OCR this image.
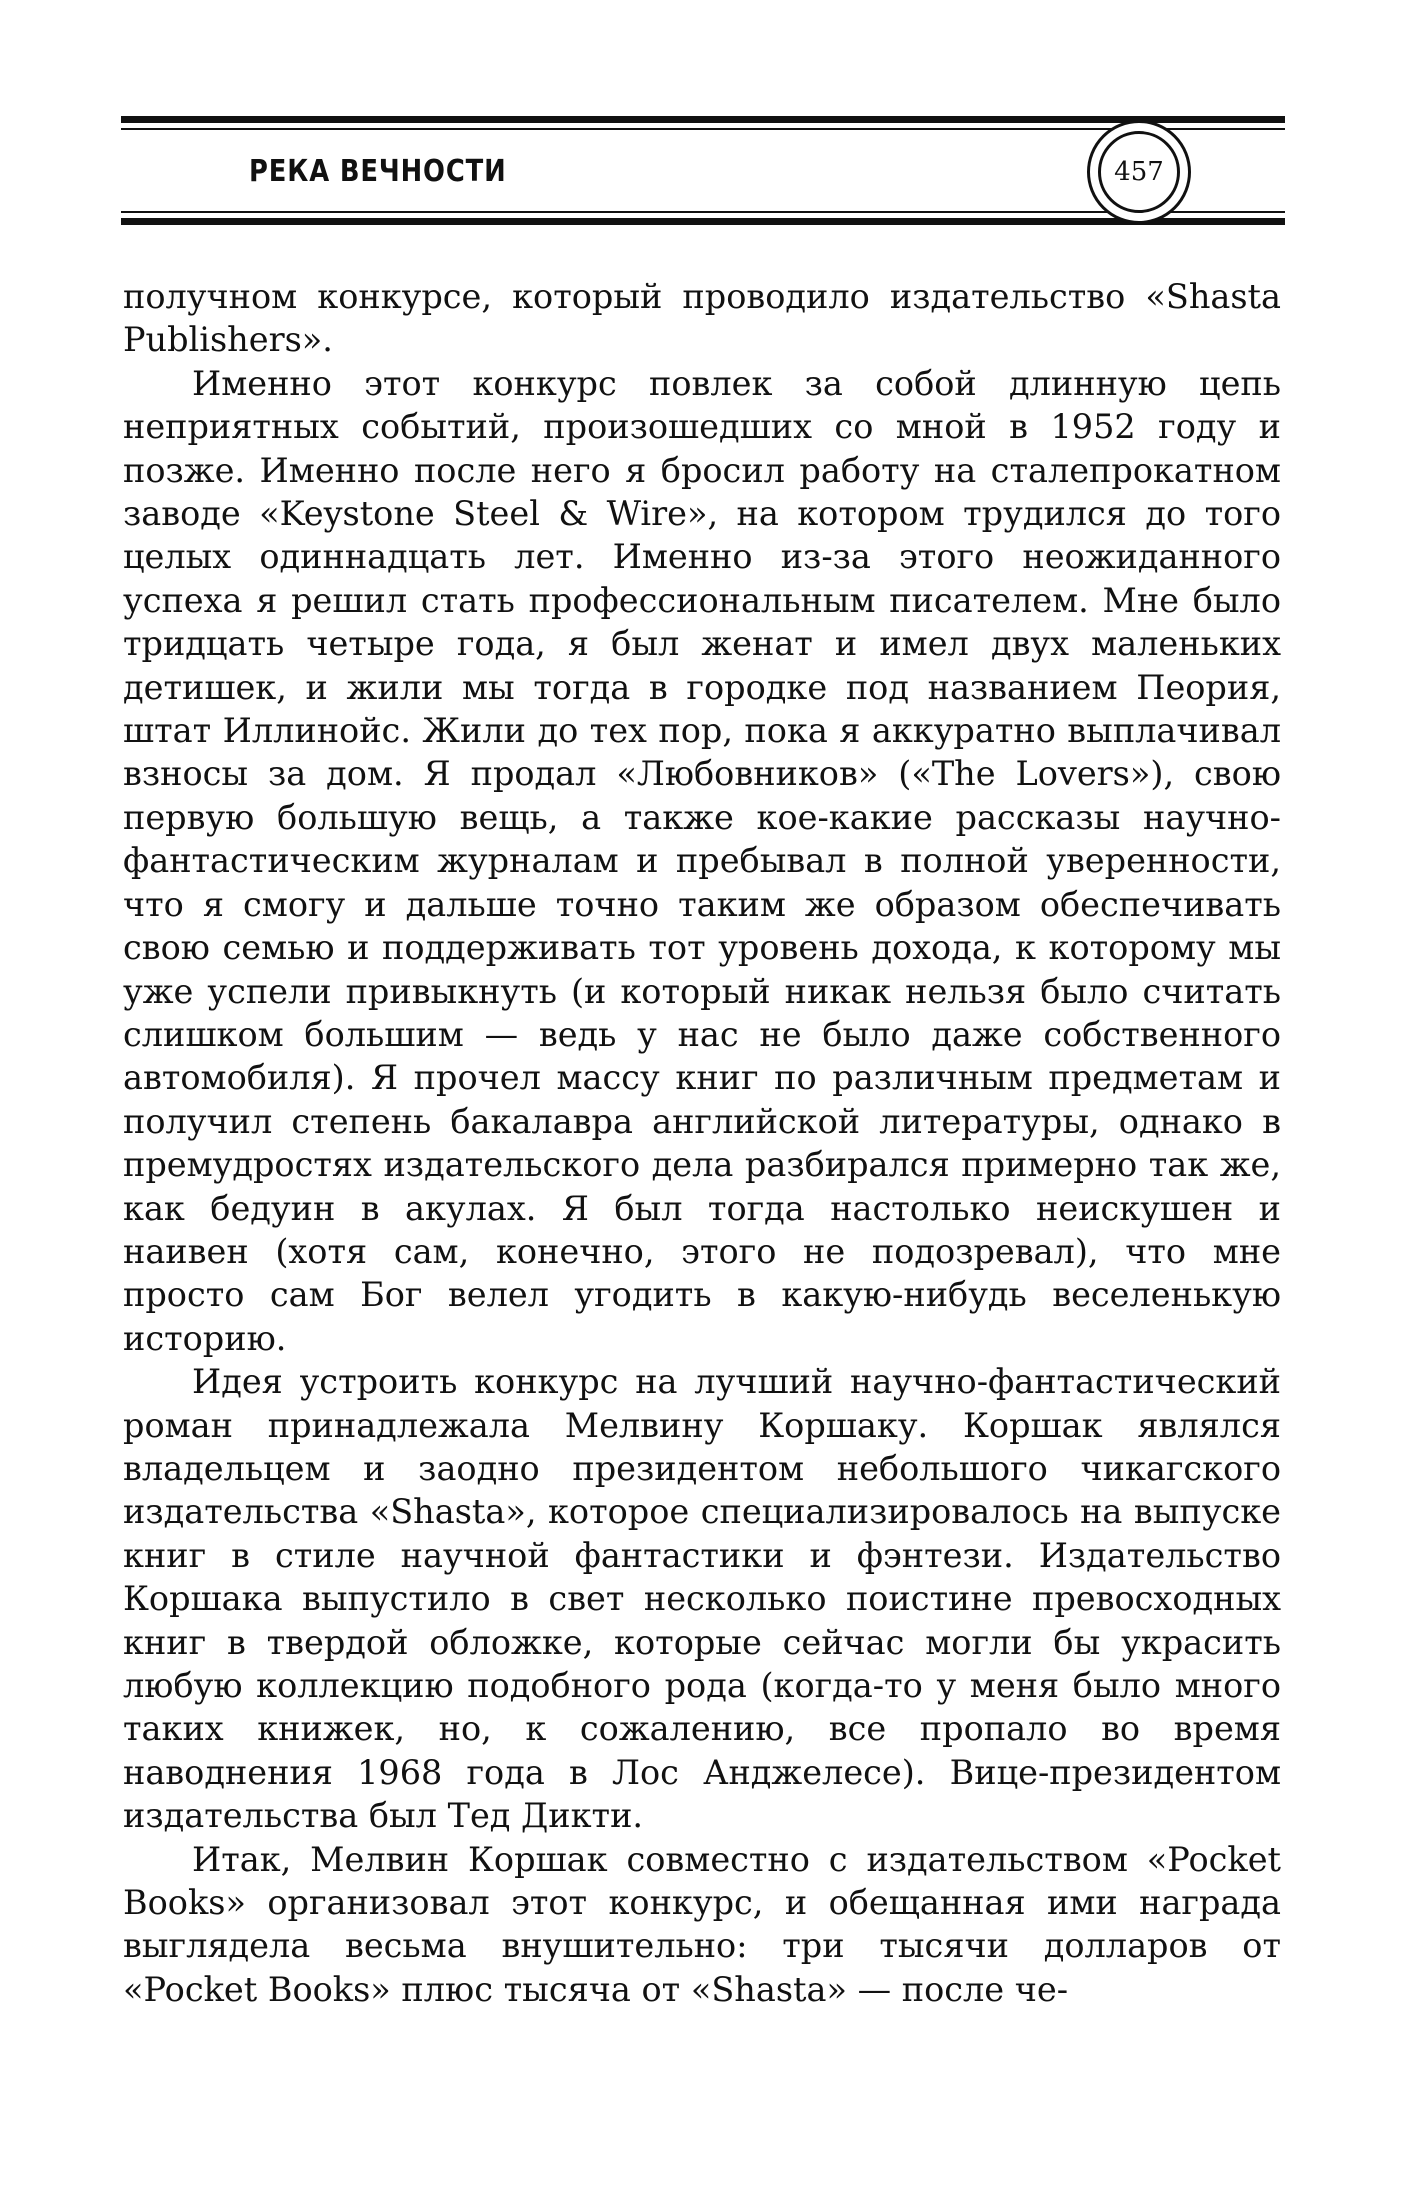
РЕКА ВЕЧНОСТИ	457

получном конкурсе, который проводило издательство «Shasta Publishers».

Именно этот конкурс повлек за собой длинную цепь неприятных событий, произошедших со мной в 1952 году и позже. Именно после него я бросил работу на сталепрокатном заводе «Keystone Steel & Wire», на котором трудился до того целых одиннадцать лет. Именно из-за этого неожиданного успеха я решил стать профессиональным писателем. Мне было тридцать четыре года, я был женат и имел двух маленьких детишек, и жили мы тогда в городке под названием Пеория, штат Иллинойс. Жили до тех пор, пока я аккуратно выплачивал взносы за дом. Я продал «Любовников» («The Lovers»), свою первую большую вещь, а также кое-какие рассказы научно-фантастическим журналам и пребывал в полной уверенности, что я смогу и дальше точно таким же образом обеспечивать свою семью и поддерживать тот уровень дохода, к которому мы уже успели привыкнуть (и который никак нельзя было считать слишком большим — ведь у нас не было даже собственного автомобиля). Я прочел массу книг по различным предметам и получил степень бакалавра английской литературы, однако в премудростях издательского дела разбирался примерно так же, как бедуин в акулах. Я был тогда настолько неискушен и наивен (хотя сам, конечно, этого не подозревал), что мне просто сам Бог велел угодить в какую-нибудь веселенькую историю.

Идея устроить конкурс на лучший научно-фантастический роман принадлежала Мелвину Коршаку. Коршак являлся владельцем и заодно президентом небольшого чикагского издательства «Shasta», которое специализировалось на выпуске книг в стиле научной фантастики и фэнтези. Издательство Коршака выпустило в свет несколько поистине превосходных книг в твердой обложке, которые сейчас могли бы украсить любую коллекцию подобного рода (когда-то у меня было много таких книжек, но, к сожалению, все пропало во время наводнения 1968 года в Лос Анджелесе). Вице-президентом издательства был Тед Дикти.

Итак, Мелвин Коршак совместно с издательством «Pocket Books» организовал этот конкурс, и обещанная ими награда выглядела весьма внушительно: три тысячи долларов от «Pocket Books» плюс тысяча от «Shasta» — после че-
